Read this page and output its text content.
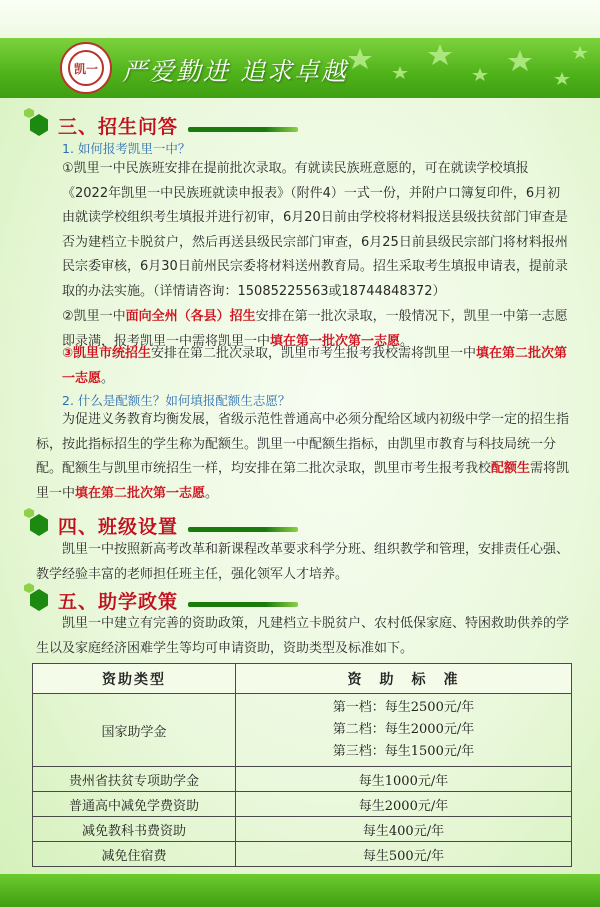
凯一 严爱勤进 追求卓越
三、招生问答
1. 如何报考凯里一中？
①凯里一中民族班安排在提前批次录取。有就读民族班意愿的，可在就读学校填报《2022年凯里一中民族班就读申报表》（附件4）一式一份，并附户口簿复印件，6月初由就读学校组织考生填报并进行初审，6月20日前由学校将材料报送县级扶贫部门审查是否为建档立卡脱贫户，然后再送县级民宗部门审查，6月25日前县级民宗部门将材料报州民宗委审核，6月30日前州民宗委将材料送州教育局。招生采取考生填报申请表，提前录取的办法实施。（详情请咨询：15085225563或18744848372）
②凯里一中面向全州（各县）招生安排在第一批次录取，一般情况下，凯里一中第一志愿即录满，报考凯里一中需将凯里一中填在第一批次第一志愿。
③凯里市统招生安排在第二批次录取，凯里市考生报考我校需将凯里一中填在第二批次第一志愿。
2. 什么是配额生？如何填报配额生志愿？
为促进义务教育均衡发展，省级示范性普通高中必须分配给区域内初级中学一定的招生指标，按此指标招生的学生称为配额生。凯里一中配额生指标，由凯里市教育与科技局统一分配。配额生与凯里市统招生一样，均安排在第二批次录取，凯里市考生报考我校配额生需将凯里一中填在第二批次第一志愿。
四、班级设置
凯里一中按照新高考改革和新课程改革要求科学分班、组织教学和管理，安排责任心强、教学经验丰富的老师担任班主任，强化领军人才培养。
五、助学政策
凯里一中建立有完善的资助政策，凡建档立卡脱贫户、农村低保家庭、特困救助供养的学生以及家庭经济困难学生等均可申请资助，资助类型及标准如下。
资助类型	资　助　标　准
国家助学金	第一档：每生2500元/年
第二档：每生2000元/年
第三档：每生1500元/年

贵州省扶贫专项助学金	每生1000元/年
普通高中减免学费资助	每生2000元/年
减免教科书费资助	每生400元/年
减免住宿费	每生500元/年
